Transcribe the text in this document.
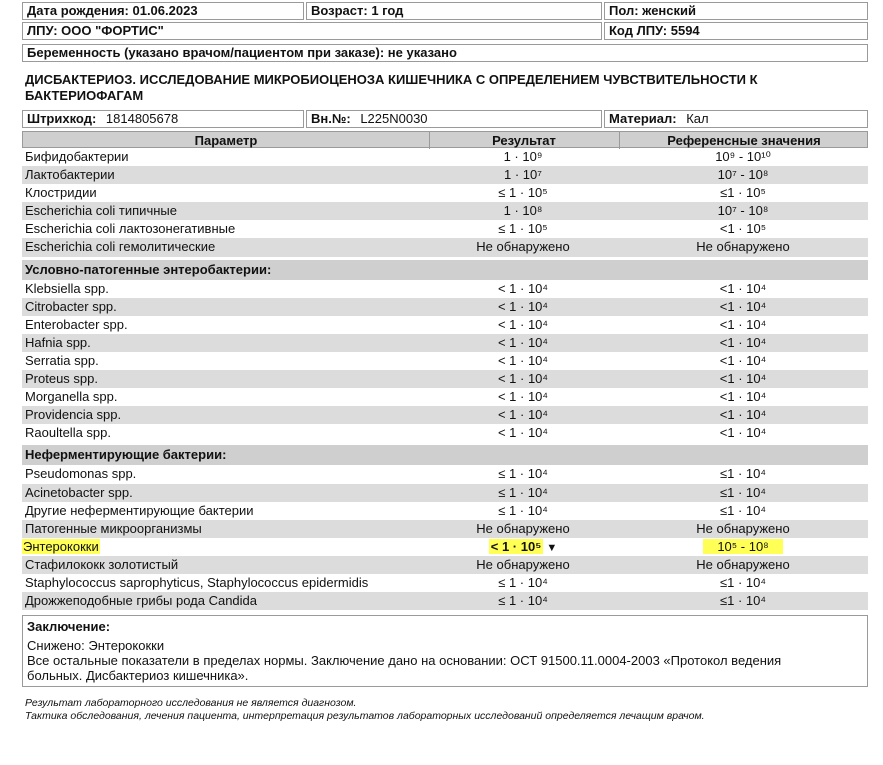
Дата рождения: 01.06.2023	Возраст: 1 год	Пол: женский
ЛПУ: ООО "ФОРТИС"	Код ЛПУ: 5594
Беременность (указано врачом/пациентом при заказе): не указано
ДИСБАКТЕРИОЗ. ИССЛЕДОВАНИЕ МИКРОБИОЦЕНОЗА КИШЕЧНИКА С ОПРЕДЕЛЕНИЕМ ЧУВСТВИТЕЛЬНОСТИ К БАКТЕРИОФАГАМ
Штрихкод: 1814805678	Вн.№: L225N0030	Материал: Кал
Параметр	Результат	Референсные значения
Бифидобактерии	1 · 10⁹	10⁹ - 10¹⁰
Лактобактерии	1 · 10⁷	10⁷ - 10⁸
Клостридии	≤ 1 · 10⁵	≤1 · 10⁵
Escherichia coli типичные	1 · 10⁸	10⁷ - 10⁸
Escherichia coli лактозонегативные	≤ 1 · 10⁵	<1 · 10⁵
Escherichia coli гемолитические	Не обнаружено	Не обнаружено
Условно-патогенные энтеробактерии:
Klebsiella spp.	< 1 · 10⁴	<1 · 10⁴
Citrobacter spp.	< 1 · 10⁴	<1 · 10⁴
Enterobacter spp.	< 1 · 10⁴	<1 · 10⁴
Hafnia spp.	< 1 · 10⁴	<1 · 10⁴
Serratia spp.	< 1 · 10⁴	<1 · 10⁴
Proteus spp.	< 1 · 10⁴	<1 · 10⁴
Morganella spp.	< 1 · 10⁴	<1 · 10⁴
Providencia spp.	< 1 · 10⁴	<1 · 10⁴
Raoultella spp.	< 1 · 10⁴	<1 · 10⁴
Неферментирующие бактерии:
Pseudomonas spp.	≤ 1 · 10⁴	≤1 · 10⁴
Acinetobacter spp.	≤ 1 · 10⁴	≤1 · 10⁴
Другие неферментирующие бактерии	≤ 1 · 10⁴	≤1 · 10⁴
Патогенные микроорганизмы	Не обнаружено	Не обнаружено
Энтерококки	< 1 · 10⁵ ▼	10⁵ - 10⁸
Стафилококк золотистый	Не обнаружено	Не обнаружено
Staphylococcus saprophyticus, Staphylococcus epidermidis	≤ 1 · 10⁴	≤1 · 10⁴
Дрожжеподобные грибы рода Candida	≤ 1 · 10⁴	≤1 · 10⁴
Заключение:
Снижено: Энтерококки
Все остальные показатели в пределах нормы. Заключение дано на основании: ОСТ 91500.11.0004-2003 «Протокол ведения
больных. Дисбактериоз кишечника».
Результат лабораторного исследования не является диагнозом.
Тактика обследования, лечения пациента, интерпретация результатов лабораторных исследований определяется лечащим врачом.
